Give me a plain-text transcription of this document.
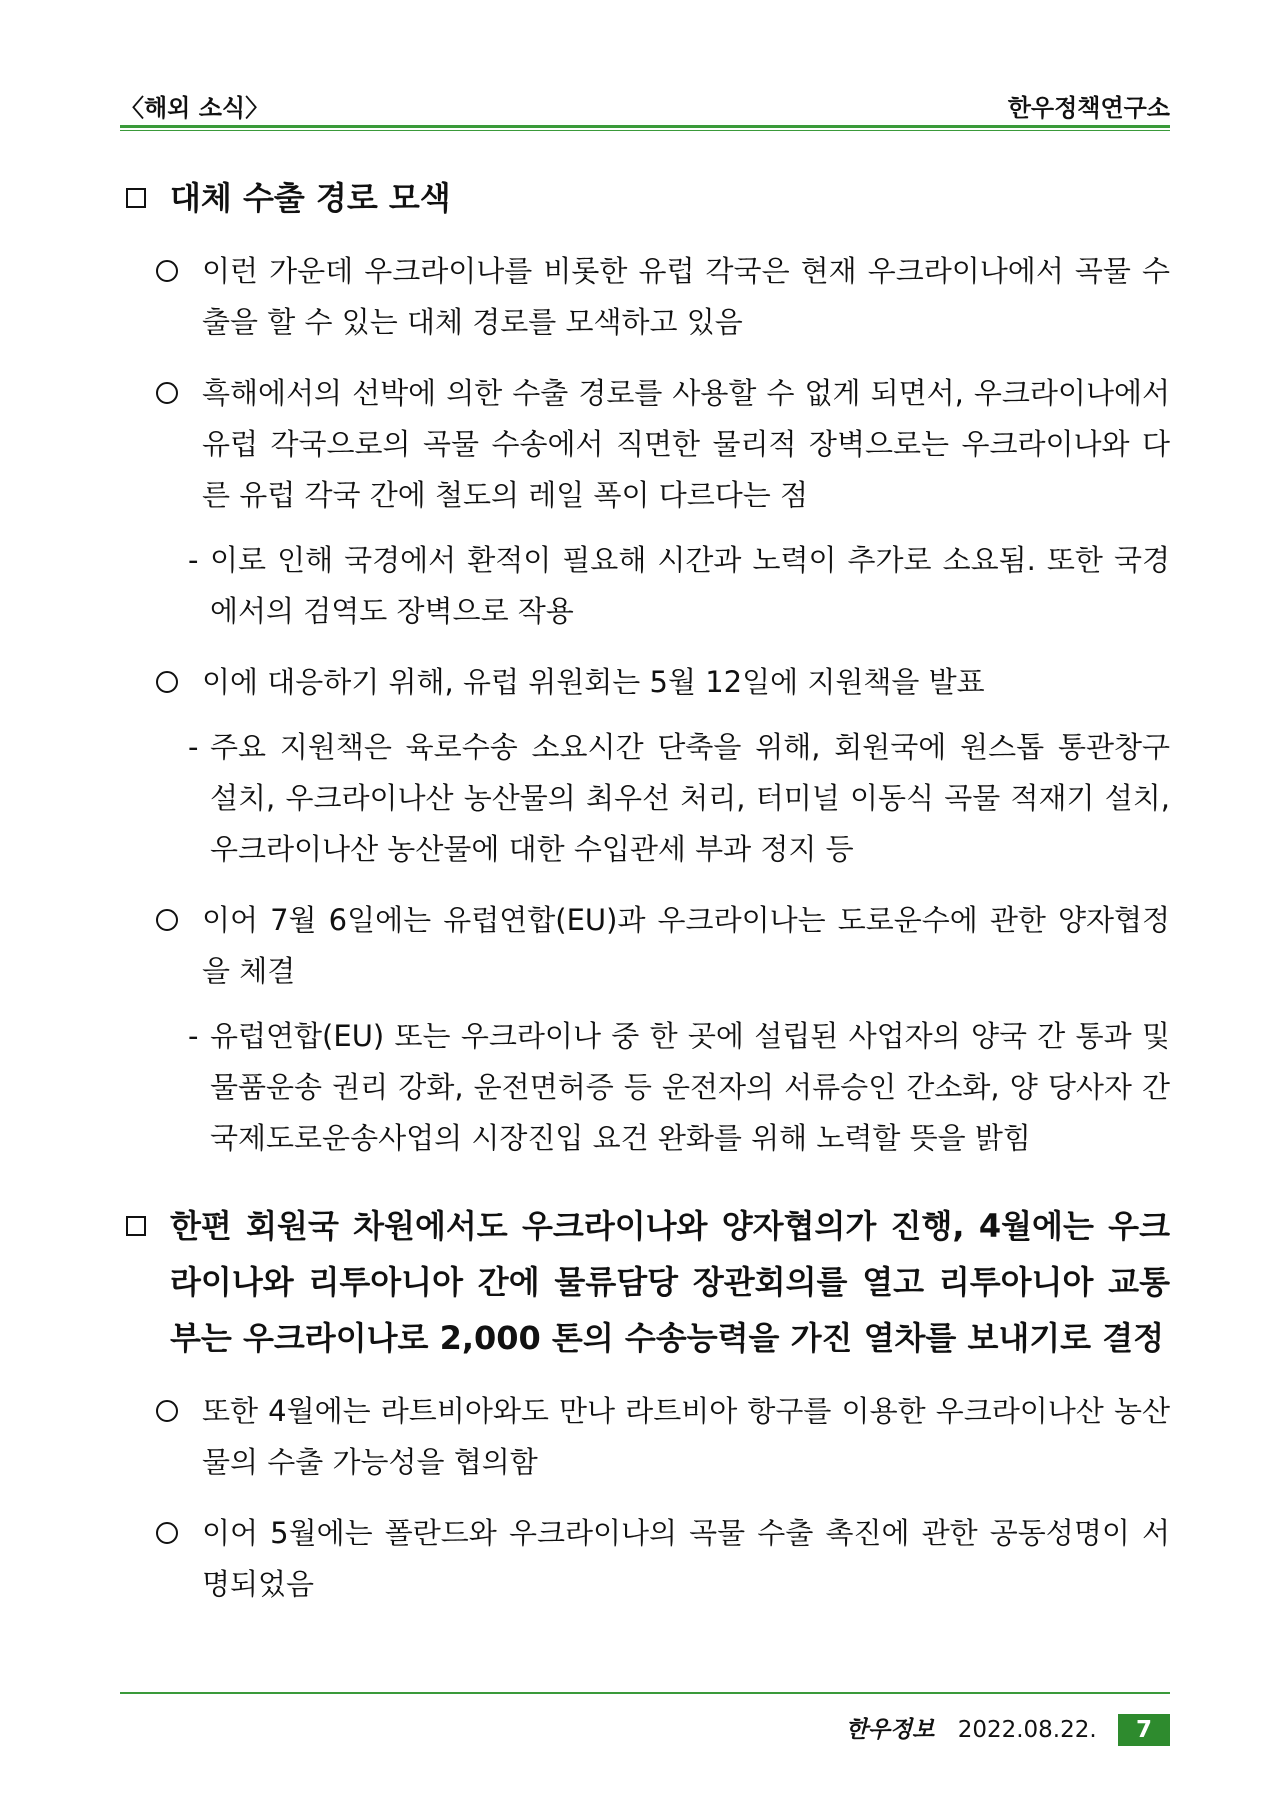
〈해외 소식〉	한우정책연구소
대체 수출 경로 모색

이런 가운데 우크라이나를 비롯한 유럽 각국은 현재 우크라이나에서 곡물 수출을 할 수 있는 대체 경로를 모색하고 있음

흑해에서의 선박에 의한 수출 경로를 사용할 수 없게 되면서, 우크라이나에서 유럽 각국으로의 곡물 수송에서 직면한 물리적 장벽으로는 우크라이나와 다른 유럽 각국 간에 철도의 레일 폭이 다르다는 점

- 이로 인해 국경에서 환적이 필요해 시간과 노력이 추가로 소요됨. 또한 국경에서의 검역도 장벽으로 작용

이에 대응하기 위해, 유럽 위원회는 5월 12일에 지원책을 발표

- 주요 지원책은 육로수송 소요시간 단축을 위해, 회원국에 원스톱 통관창구 설치, 우크라이나산 농산물의 최우선 처리, 터미널 이동식 곡물 적재기 설치, 우크라이나산 농산물에 대한 수입관세 부과 정지 등

이어 7월 6일에는 유럽연합(EU)과 우크라이나는 도로운수에 관한 양자협정을 체결

- 유럽연합(EU) 또는 우크라이나 중 한 곳에 설립된 사업자의 양국 간 통과 및 물품운송 권리 강화, 운전면허증 등 운전자의 서류승인 간소화, 양 당사자 간 국제도로운송사업의 시장진입 요건 완화를 위해 노력할 뜻을 밝힘

한편 회원국 차원에서도 우크라이나와 양자협의가 진행, 4월에는 우크라이나와 리투아니아 간에 물류담당 장관회의를 열고 리투아니아 교통부는 우크라이나로 2,000 톤의 수송능력을 가진 열차를 보내기로 결정

또한 4월에는 라트비아와도 만나 라트비아 항구를 이용한 우크라이나산 농산물의 수출 가능성을 협의함

이어 5월에는 폴란드와 우크라이나의 곡물 수출 촉진에 관한 공동성명이 서명되었음

한우정보 2022.08.22. 7
